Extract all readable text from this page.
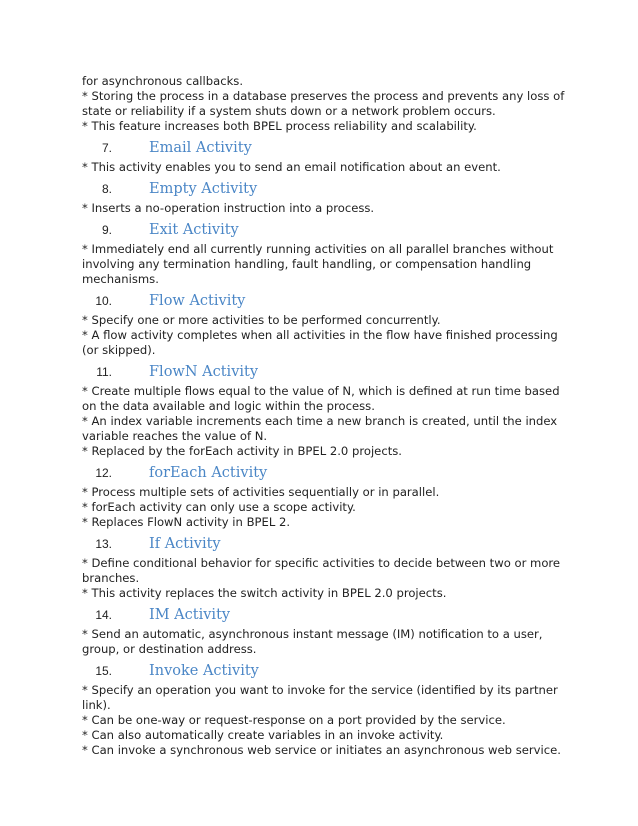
for asynchronous callbacks.

* Storing the process in a database preserves the process and prevents any loss of state or reliability if a system shuts down or a network problem occurs.

* This feature increases both BPEL process reliability and scalability.

7.	Email Activity

* This activity enables you to send an email notification about an event.

8.	Empty Activity

* Inserts a no-operation instruction into a process.

9.	Exit Activity

* Immediately end all currently running activities on all parallel branches without involving any termination handling, fault handling, or compensation handling mechanisms.

10.	Flow Activity

* Specify one or more activities to be performed concurrently.

* A flow activity completes when all activities in the flow have finished processing (or skipped).

11.	FlowN Activity

* Create multiple flows equal to the value of N, which is defined at run time based on the data available and logic within the process.

* An index variable increments each time a new branch is created, until the index variable reaches the value of N.

* Replaced by the forEach activity in BPEL 2.0 projects.

12.	forEach Activity

* Process multiple sets of activities sequentially or in parallel.

* forEach activity can only use a scope activity.

* Replaces FlowN activity in BPEL 2.

13.	If Activity

* Define conditional behavior for specific activities to decide between two or more branches.

* This activity replaces the switch activity in BPEL 2.0 projects.

14.	IM Activity

* Send an automatic, asynchronous instant message (IM) notification to a user, group, or destination address.

15.	Invoke Activity

* Specify an operation you want to invoke for the service (identified by its partner link).

* Can be one-way or request-response on a port provided by the service.

* Can also automatically create variables in an invoke activity.

* Can invoke a synchronous web service or initiates an asynchronous web service.
